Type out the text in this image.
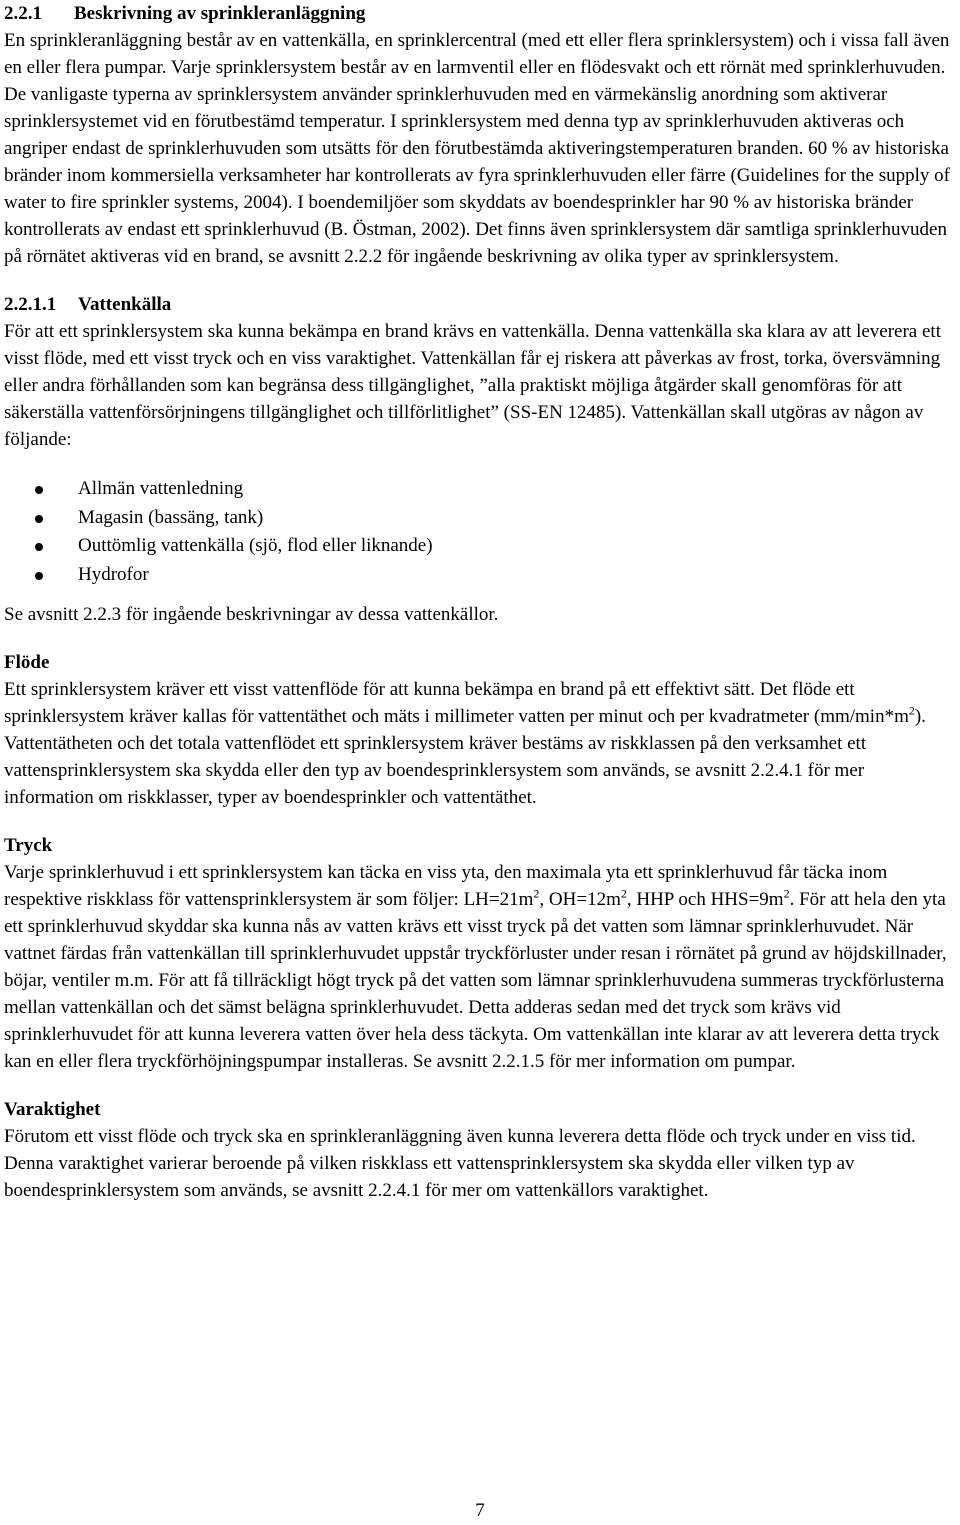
2.2.1 Beskrivning av sprinkleranläggning

En sprinkleranläggning består av en vattenkälla, en sprinklercentral (med ett eller flera sprinklersystem) och i vissa fall även en eller flera pumpar. Varje sprinklersystem består av en larmventil eller en flödesvakt och ett rörnät med sprinklerhuvuden. De vanligaste typerna av sprinklersystem använder sprinklerhuvuden med en värmekänslig anordning som aktiverar sprinklersystemet vid en förutbestämd temperatur. I sprinklersystem med denna typ av sprinklerhuvuden aktiveras och angriper endast de sprinklerhuvuden som utsätts för den förutbestämda aktiveringstemperaturen branden. 60 % av historiska bränder inom kommersiella verksamheter har kontrollerats av fyra sprinklerhuvuden eller färre (Guidelines for the supply of water to fire sprinkler systems, 2004). I boendemiljöer som skyddats av boendesprinkler har 90 % av historiska bränder kontrollerats av endast ett sprinklerhuvud (B. Östman, 2002). Det finns även sprinklersystem där samtliga sprinklerhuvuden på rörnätet aktiveras vid en brand, se avsnitt 2.2.2 för ingående beskrivning av olika typer av sprinklersystem.

2.2.1.1 Vattenkälla

För att ett sprinklersystem ska kunna bekämpa en brand krävs en vattenkälla. Denna vattenkälla ska klara av att leverera ett visst flöde, med ett visst tryck och en viss varaktighet. Vattenkällan får ej riskera att påverkas av frost, torka, översvämning eller andra förhållanden som kan begränsa dess tillgänglighet, ”alla praktiskt möjliga åtgärder skall genomföras för att säkerställa vattenförsörjningens tillgänglighet och tillförlitlighet” (SS-EN 12485). Vattenkällan skall utgöras av någon av följande:

Allmän vattenledning
Magasin (bassäng, tank)
Outtömlig vattenkälla (sjö, flod eller liknande)
Hydrofor

Se avsnitt 2.2.3 för ingående beskrivningar av dessa vattenkällor.

Flöde

Ett sprinklersystem kräver ett visst vattenflöde för att kunna bekämpa en brand på ett effektivt sätt. Det flöde ett sprinklersystem kräver kallas för vattentäthet och mäts i millimeter vatten per minut och per kvadratmeter $(mm/\min*m^2)$. Vattentätheten och det totala vattenflödet ett sprinklersystem kräver bestäms av riskklassen på den verksamhet ett vattensprinklersystem ska skydda eller den typ av boendesprinklersystem som används, se avsnitt 2.2.4.1 för mer information om riskklasser, typer av boendesprinkler och vattentäthet.

Tryck

Varje sprinklerhuvud i ett sprinklersystem kan täcka en viss yta, den maximala yta ett sprinklerhuvud får täcka inom respektive riskklass för vattensprinklersystem är som följer: $LH=21m^2$, $OH=12m^2$, HHP och $HHS=9m^2$. För att hela den yta ett sprinklerhuvud skyddar ska kunna nås av vatten krävs ett visst tryck på det vatten som lämnar sprinklerhuvudet. När vattnet färdas från vattenkällan till sprinklerhuvudet uppstår tryckförluster under resan i rörnätet på grund av höjdskillnader, böjar, ventiler m.m. För att få tillräckligt högt tryck på det vatten som lämnar sprinklerhuvudena summeras tryckförlusterna mellan vattenkällan och det sämst belägna sprinklerhuvudet. Detta adderas sedan med det tryck som krävs vid sprinklerhuvudet för att kunna leverera vatten över hela dess täckyta. Om vattenkällan inte klarar av att leverera detta tryck kan en eller flera tryckförhöjningspumpar installeras. Se avsnitt 2.2.1.5 för mer information om pumpar.

Varaktighet

Förutom ett visst flöde och tryck ska en sprinkleranläggning även kunna leverera detta flöde och tryck under en viss tid. Denna varaktighet varierar beroende på vilken riskklass ett vattensprinklersystem ska skydda eller vilken typ av boendesprinklersystem som används, se avsnitt 2.2.4.1 för mer om vattenkällors varaktighet.

7
